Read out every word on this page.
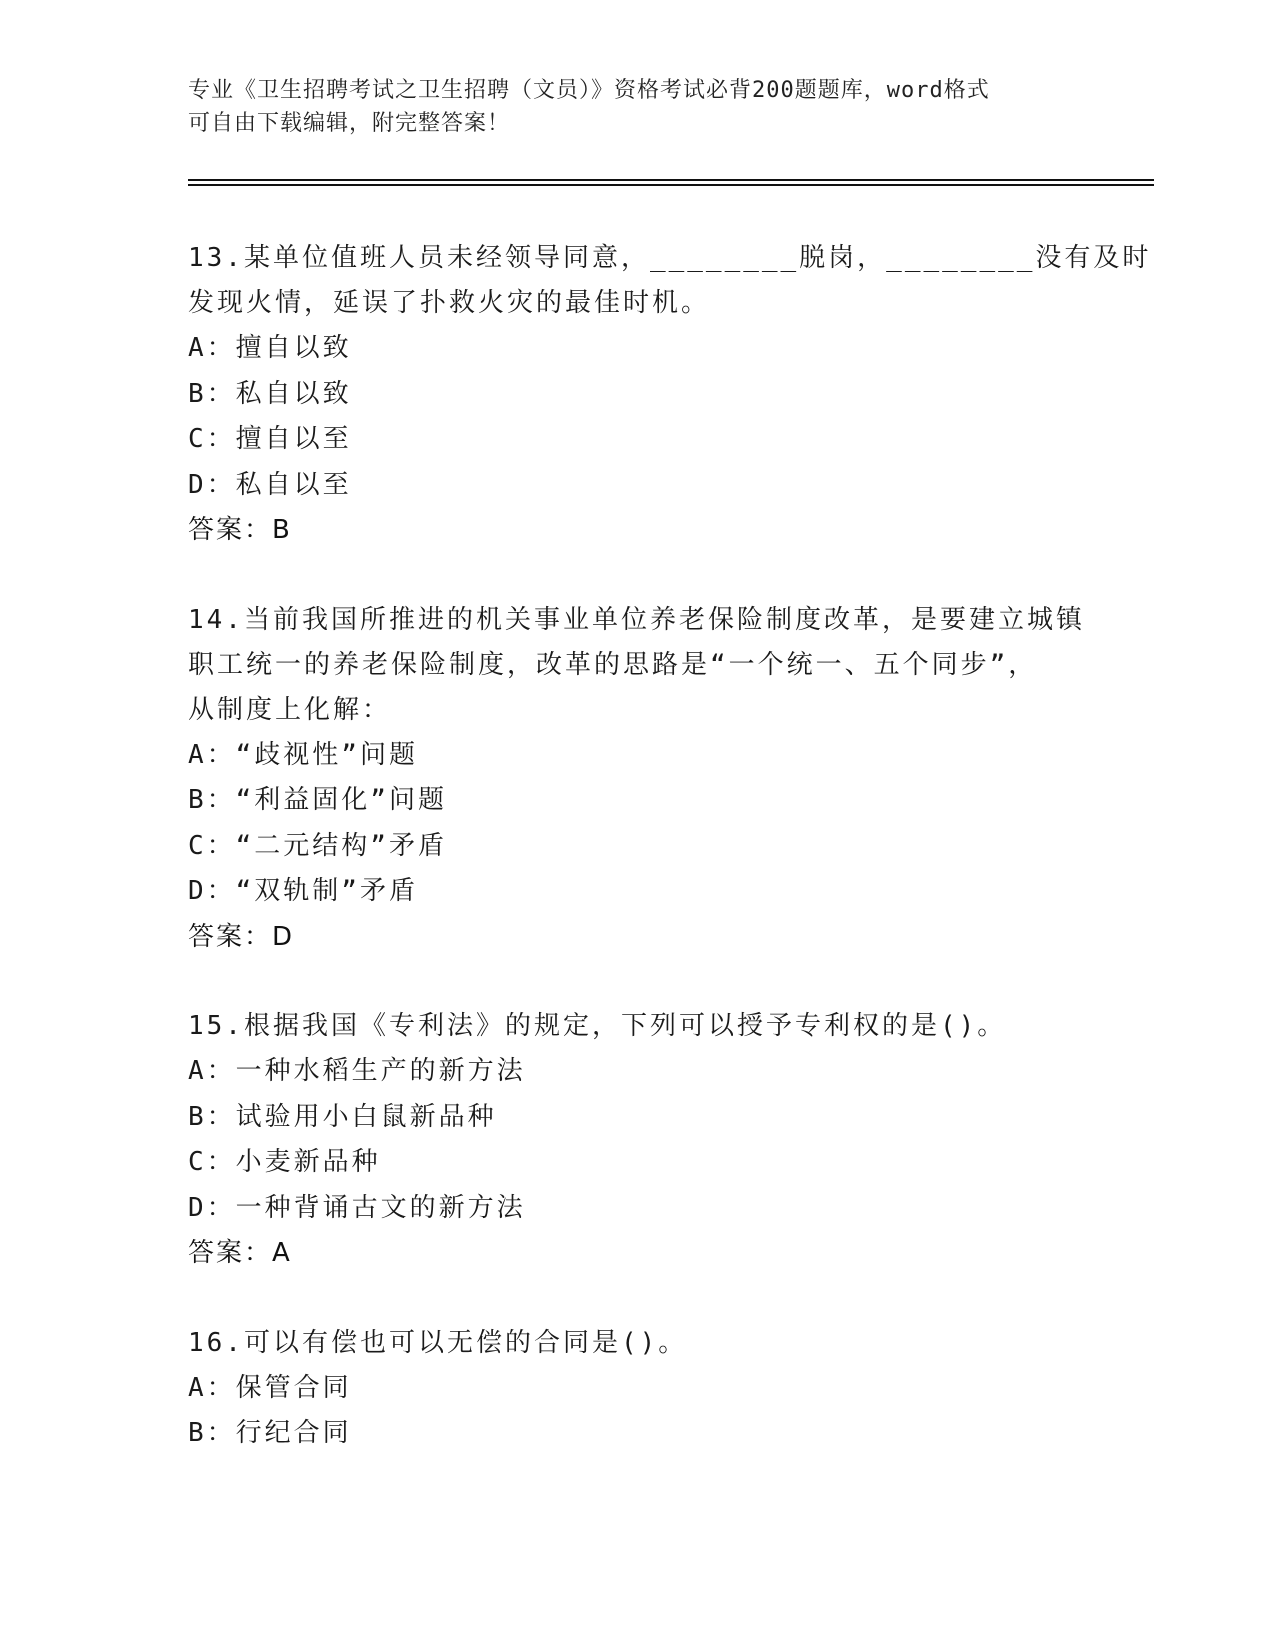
专业《卫生招聘考试之卫生招聘（文员）》资格考试必背200题题库，word格式
可自由下载编辑，附完整答案！
13.某单位值班人员未经领导同意，________脱岗，________没有及时
发现火情，延误了扑救火灾的最佳时机。
A：擅自以致
B：私自以致
C：擅自以至
D：私自以至
答案：B
14.当前我国所推进的机关事业单位养老保险制度改革，是要建立城镇
职工统一的养老保险制度，改革的思路是“一个统一、五个同步”，
从制度上化解：
A：“歧视性”问题
B：“利益固化”问题
C：“二元结构”矛盾
D：“双轨制”矛盾
答案：D
15.根据我国《专利法》的规定，下列可以授予专利权的是()。
A：一种水稻生产的新方法
B：试验用小白鼠新品种
C：小麦新品种
D：一种背诵古文的新方法
答案：A
16.可以有偿也可以无偿的合同是()。
A：保管合同
B：行纪合同
